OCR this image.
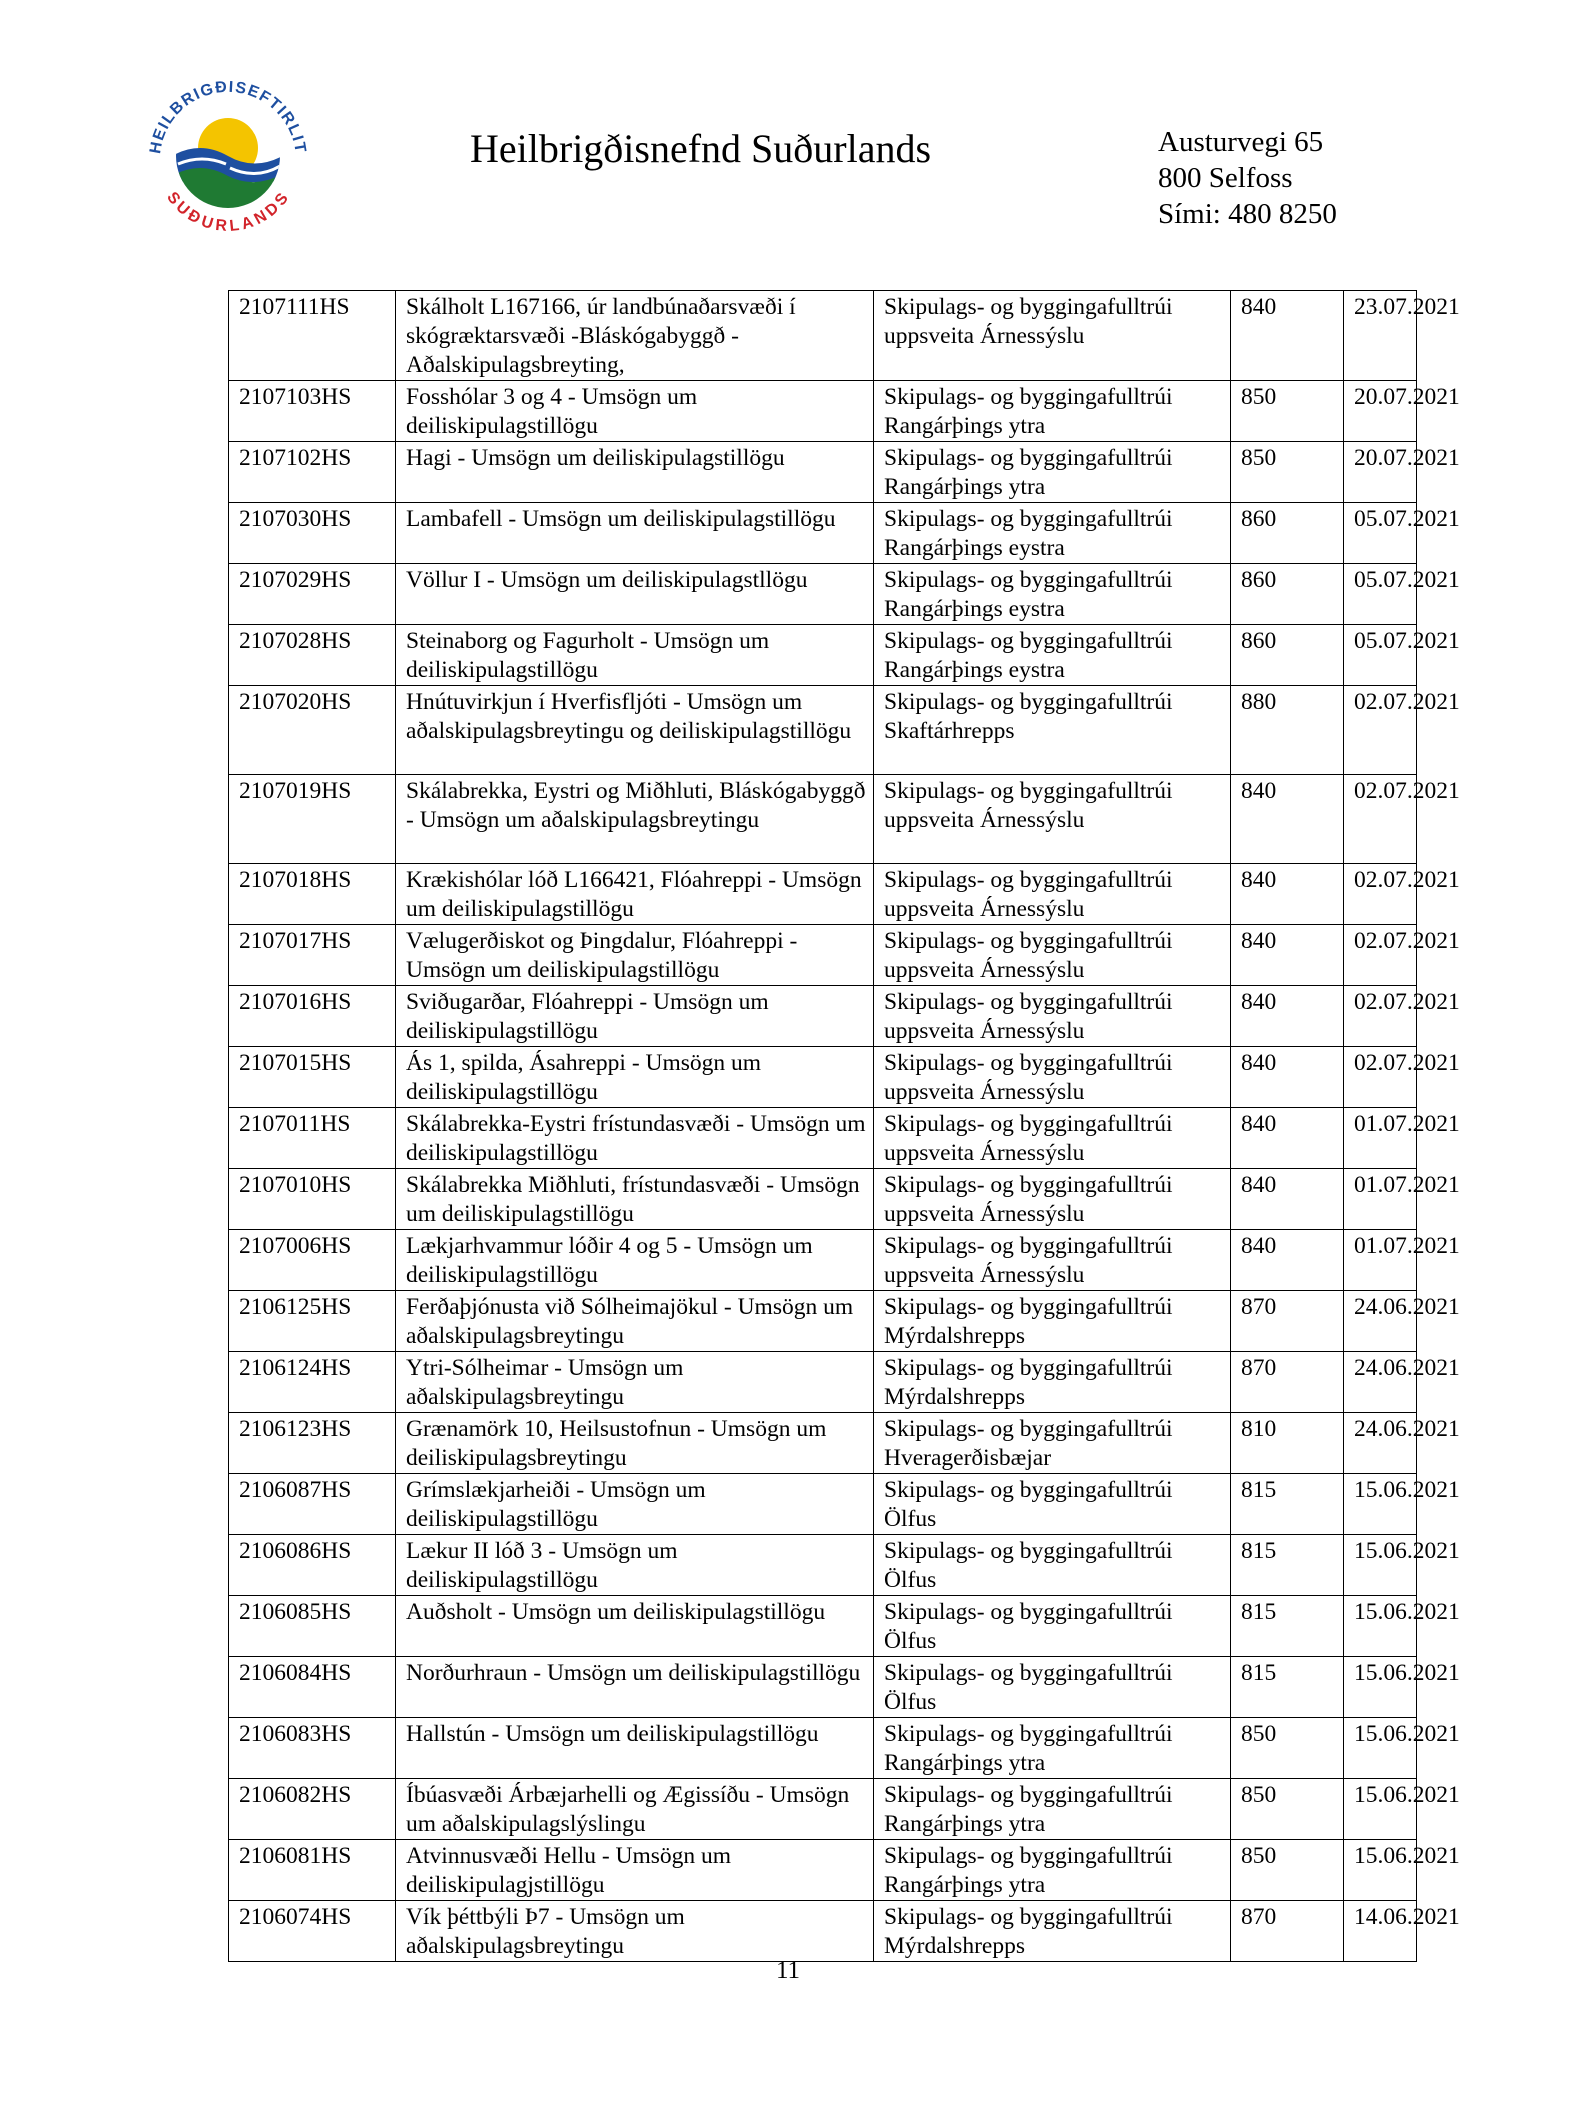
HEILBRIGÐISEFTIRLIT
SUÐURLANDS
Heilbrigðisnefnd Suðurlands	Austurvegi 65
800 Selfoss
Sími: 480 8250
2107111HS	Skálholt L167166, úr landbúnaðarsvæði í skógræktarsvæði -Bláskógabyggð - Aðalskipulagsbreyting,	Skipulags- og byggingafulltrúi uppsveita Árnessýslu	840	23.07.2021
2107103HS	Fosshólar 3 og 4 - Umsögn um deiliskipulagstillögu	Skipulags- og byggingafulltrúi Rangárþings ytra	850	20.07.2021
2107102HS	Hagi - Umsögn um deiliskipulagstillögu	Skipulags- og byggingafulltrúi Rangárþings ytra	850	20.07.2021
2107030HS	Lambafell - Umsögn um deiliskipulagstillögu	Skipulags- og byggingafulltrúi Rangárþings eystra	860	05.07.2021
2107029HS	Völlur I - Umsögn um deiliskipulagstllögu	Skipulags- og byggingafulltrúi Rangárþings eystra	860	05.07.2021
2107028HS	Steinaborg og Fagurholt - Umsögn um deiliskipulagstillögu	Skipulags- og byggingafulltrúi Rangárþings eystra	860	05.07.2021
2107020HS	Hnútuvirkjun í Hverfisfljóti - Umsögn um aðalskipulagsbreytingu og deiliskipulagstillögu	Skipulags- og byggingafulltrúi Skaftárhrepps	880	02.07.2021
2107019HS	Skálabrekka, Eystri og Miðhluti, Bláskógabyggð - Umsögn um aðalskipulagsbreytingu	Skipulags- og byggingafulltrúi uppsveita Árnessýslu	840	02.07.2021
2107018HS	Krækishólar lóð L166421, Flóahreppi - Umsögn um deiliskipulagstillögu	Skipulags- og byggingafulltrúi uppsveita Árnessýslu	840	02.07.2021
2107017HS	Vælugerðiskot og Þingdalur, Flóahreppi - Umsögn um deiliskipulagstillögu	Skipulags- og byggingafulltrúi uppsveita Árnessýslu	840	02.07.2021
2107016HS	Sviðugarðar, Flóahreppi - Umsögn um deiliskipulagstillögu	Skipulags- og byggingafulltrúi uppsveita Árnessýslu	840	02.07.2021
2107015HS	Ás 1, spilda, Ásahreppi - Umsögn um deiliskipulagstillögu	Skipulags- og byggingafulltrúi uppsveita Árnessýslu	840	02.07.2021
2107011HS	Skálabrekka-Eystri frístundasvæði - Umsögn um deiliskipulagstillögu	Skipulags- og byggingafulltrúi uppsveita Árnessýslu	840	01.07.2021
2107010HS	Skálabrekka Miðhluti, frístundasvæði - Umsögn um deiliskipulagstillögu	Skipulags- og byggingafulltrúi uppsveita Árnessýslu	840	01.07.2021
2107006HS	Lækjarhvammur lóðir 4 og 5 - Umsögn um deiliskipulagstillögu	Skipulags- og byggingafulltrúi uppsveita Árnessýslu	840	01.07.2021
2106125HS	Ferðaþjónusta við Sólheimajökul - Umsögn um aðalskipulagsbreytingu	Skipulags- og byggingafulltrúi Mýrdalshrepps	870	24.06.2021
2106124HS	Ytri-Sólheimar - Umsögn um aðalskipulagsbreytingu	Skipulags- og byggingafulltrúi Mýrdalshrepps	870	24.06.2021
2106123HS	Grænamörk 10, Heilsustofnun - Umsögn um deiliskipulagsbreytingu	Skipulags- og byggingafulltrúi Hveragerðisbæjar	810	24.06.2021
2106087HS	Grímslækjarheiði - Umsögn um deiliskipulagstillögu	Skipulags- og byggingafulltrúi Ölfus	815	15.06.2021
2106086HS	Lækur II lóð 3 - Umsögn um deiliskipulagstillögu	Skipulags- og byggingafulltrúi Ölfus	815	15.06.2021
2106085HS	Auðsholt - Umsögn um deiliskipulagstillögu	Skipulags- og byggingafulltrúi Ölfus	815	15.06.2021
2106084HS	Norðurhraun - Umsögn um deiliskipulagstillögu	Skipulags- og byggingafulltrúi Ölfus	815	15.06.2021
2106083HS	Hallstún - Umsögn um deiliskipulagstillögu	Skipulags- og byggingafulltrúi Rangárþings ytra	850	15.06.2021
2106082HS	Íbúasvæði Árbæjarhelli og Ægissíðu - Umsögn um aðalskipulagslýslingu	Skipulags- og byggingafulltrúi Rangárþings ytra	850	15.06.2021
2106081HS	Atvinnusvæði Hellu - Umsögn um deiliskipulagjstillögu	Skipulags- og byggingafulltrúi Rangárþings ytra	850	15.06.2021
2106074HS	Vík þéttbýli Þ7 - Umsögn um aðalskipulagsbreytingu	Skipulags- og byggingafulltrúi Mýrdalshrepps	870	14.06.2021
11
